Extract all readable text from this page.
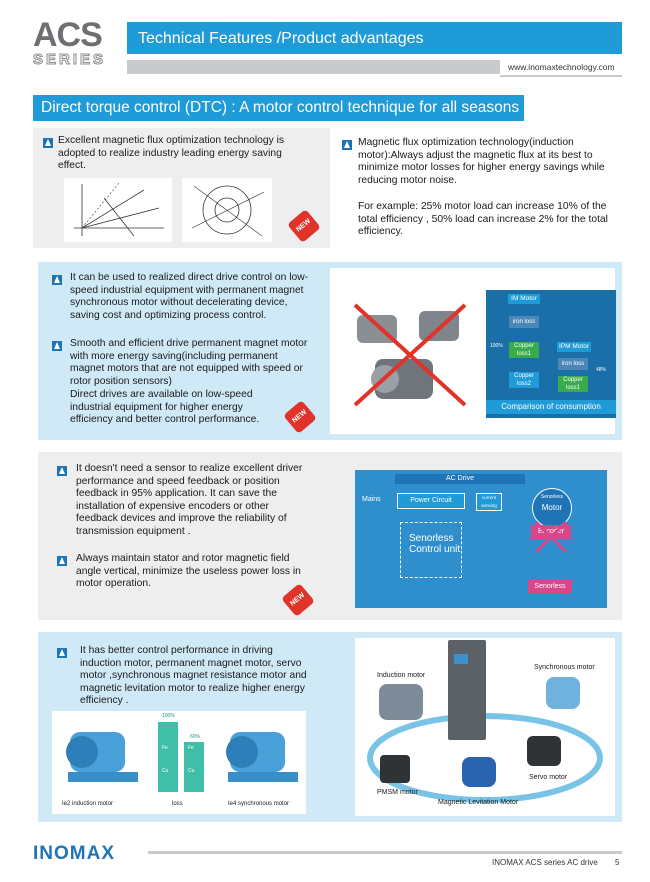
ACS
SERIES
Technical Features /Product advantages
www.inomaxtechnology.com
Direct torque control (DTC) : A motor control technique for all seasons
Excellent magnetic flux optimization technology is adopted to realize industry leading energy saving effect.
NEW
Magnetic flux optimization technology(induction motor):Always adjust the magnetic flux at its best to minimize motor losses for higher energy savings while reducing motor noise.
For example: 25% motor load can increase 10% of the total efficiency , 50% load can increase 2% for the total efficiency.
It can be used to realized direct drive control on low-speed industrial equipment with permanent magnet synchronous motor without decelerating device, saving cost and optimizing process control.
Smooth and efficient drive permanent magnet motor with more energy saving(including permanent magnet motors that are not equipped with speed or rotor position sensors)
Direct drives are available on low-speed industrial equipment for higher energy efficiency and better control performance.	NEW
IM Motor
iron loss
Copper loss1
Copper loss2
100%	IPM Motor
iron loss
Copper loss1
48%
Comparison of consumption
It doesn't need a sensor to realize excellent driver performance and speed feedback or position feedback in 95% application. It can save the installation of expensive encoders or other feedback devices and improve the reliability of transmission equipment .
Always maintain stator and rotor magnetic field angle vertical, minimize the useless power loss in motor operation.
NEW
AC Drive
Mains	Power Circuit	current sensing
Senorless
Motor
Encoder
Senorless Control unit
Senorless
It has better control performance in driving induction motor, permanent magnet motor, servo motor ,synchronous magnet resistance motor and magnetic levitation motor to realize higher energy efficiency .
100%
60%
Fe	Fe
Cu	Cu
Ie2 induction motor	loss	Ie4 synchronous motor
Induction motor
Synchronous motor
Servo motor
PMSM motor
Magnetic Levitation Motor
INOMAX	INOMAX ACS series AC drive 5
